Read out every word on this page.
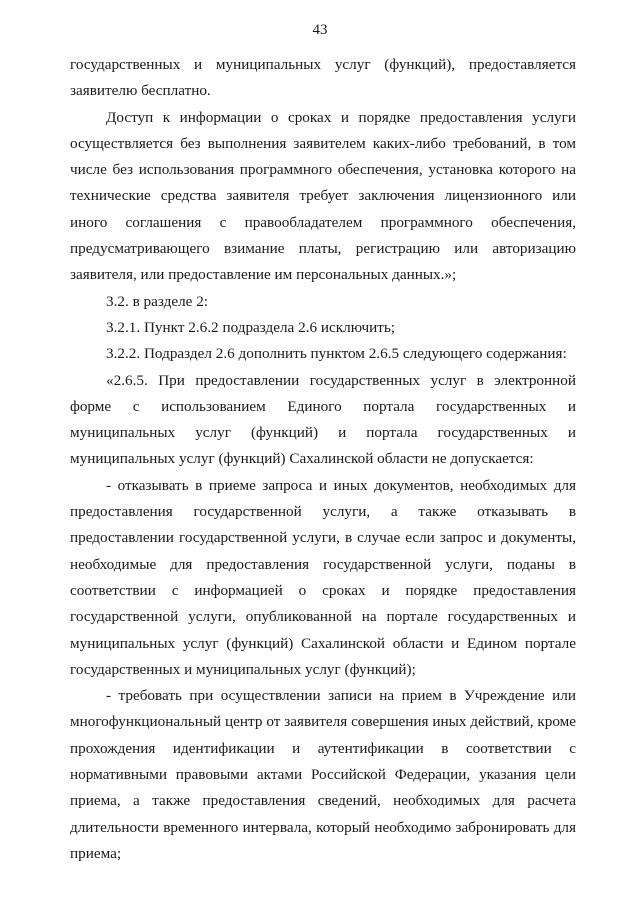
43

государственных и муниципальных услуг (функций), предоставляется заявителю бесплатно.

Доступ к информации о сроках и порядке предоставления услуги осуществляется без выполнения заявителем каких-либо требований, в том числе без использования программного обеспечения, установка которого на технические средства заявителя требует заключения лицензионного или иного соглашения с правообладателем программного обеспечения, предусматривающего взимание платы, регистрацию или авторизацию заявителя, или предоставление им персональных данных.»;

3.2. в разделе 2:

3.2.1. Пункт 2.6.2 подраздела 2.6 исключить;

3.2.2. Подраздел 2.6 дополнить пунктом 2.6.5 следующего содержания:

«2.6.5. При предоставлении государственных услуг в электронной форме с использованием Единого портала государственных и муниципальных услуг (функций) и портала государственных и муниципальных услуг (функций) Сахалинской области не допускается:

- отказывать в приеме запроса и иных документов, необходимых для предоставления государственной услуги, а также отказывать в предоставлении государственной услуги, в случае если запрос и документы, необходимые для предоставления государственной услуги, поданы в соответствии с информацией о сроках и порядке предоставления государственной услуги, опубликованной на портале государственных и муниципальных услуг (функций) Сахалинской области и Едином портале государственных и муниципальных услуг (функций);

- требовать при осуществлении записи на прием в Учреждение или многофункциональный центр от заявителя совершения иных действий, кроме прохождения идентификации и аутентификации в соответствии с нормативными правовыми актами Российской Федерации, указания цели приема, а также предоставления сведений, необходимых для расчета длительности временного интервала, который необходимо забронировать для приема;
